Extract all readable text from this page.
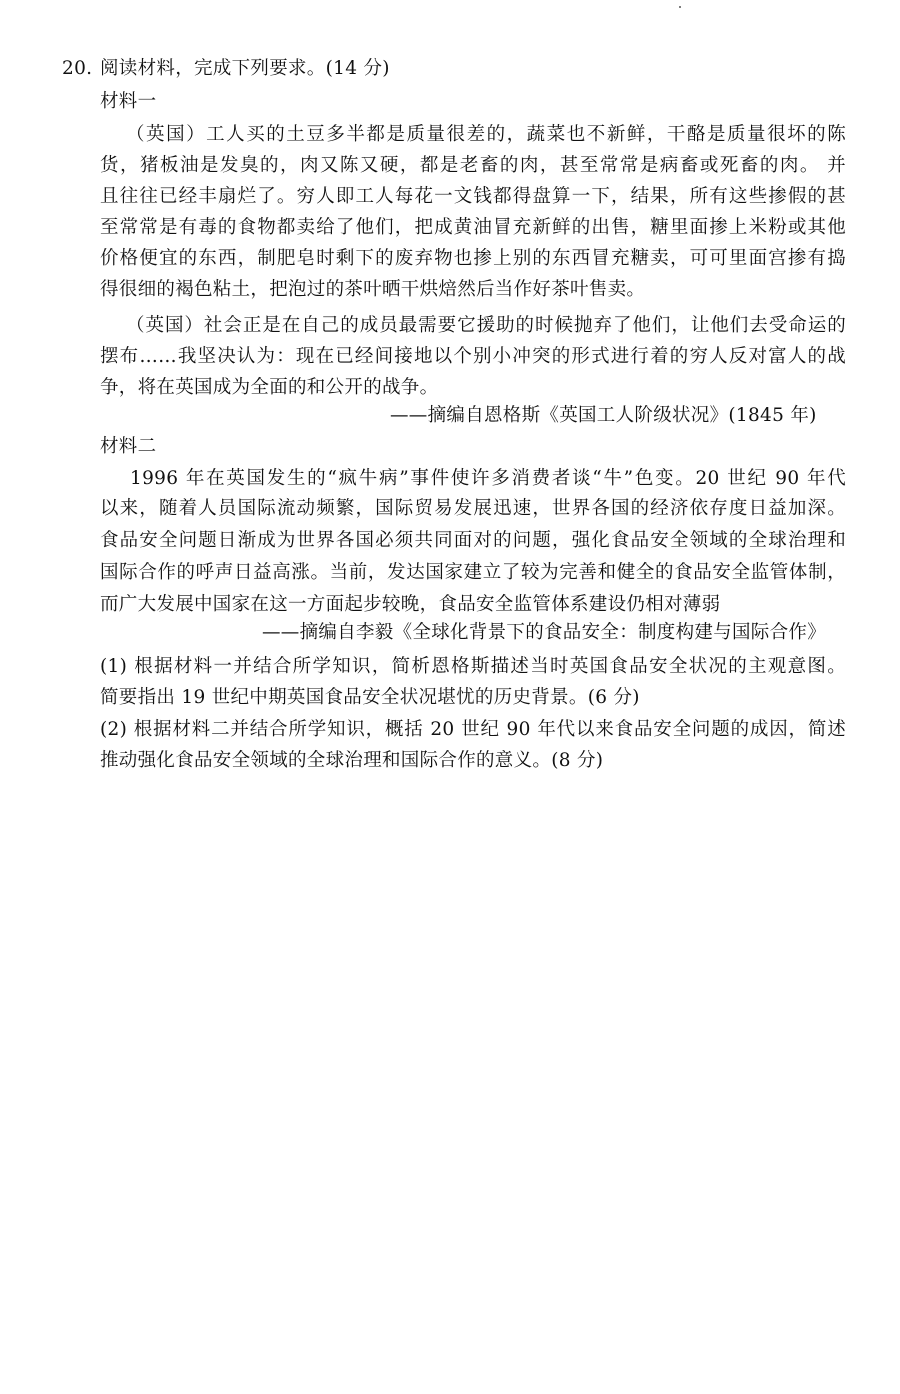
20. 阅读材料，完成下列要求。(14 分)
材料一
（英国）工人买的土豆多半都是质量很差的，蔬菜也不新鲜，干酪是质量很坏的陈
货，猪板油是发臭的，肉又陈又硬，都是老畜的肉，甚至常常是病畜或死畜的肉。 并
且往往已经丰扇烂了。穷人即工人每花一文钱都得盘算一下，结果，所有这些掺假的甚
至常常是有毒的食物都卖给了他们，把成黄油冒充新鲜的出售，糖里面掺上米粉或其他
价格便宜的东西，制肥皂时剩下的废弃物也掺上别的东西冒充糖卖，可可里面宫掺有捣
得很细的褐色粘土，把泡过的茶叶晒干烘焙然后当作好茶叶售卖。
（英国）社会正是在自己的成员最需要它援助的时候抛弃了他们，让他们去受命运的
摆布……我坚决认为：现在已经间接地以个别小冲突的形式进行着的穷人反对富人的战
争，将在英国成为全面的和公开的战争。
——摘编自恩格斯《英国工人阶级状况》(1845 年)
材料二
1996 年在英国发生的“疯牛病”事件使许多消费者谈“牛”色变。20 世纪 90 年代
以来，随着人员国际流动频繁，国际贸易发展迅速，世界各国的经济依存度日益加深。
食品安全问题日渐成为世界各国必须共同面对的问题，强化食品安全领域的全球治理和
国际合作的呼声日益高涨。当前，发达国家建立了较为完善和健全的食品安全监管体制，
而广大发展中国家在这一方面起步较晚，食品安全监管体系建设仍相对薄弱
——摘编自李毅《全球化背景下的食品安全：制度构建与国际合作》
(1) 根据材料一并结合所学知识，简析恩格斯描述当时英国食品安全状况的主观意图。
简要指出 19 世纪中期英国食品安全状况堪忧的历史背景。(6 分)
(2) 根据材料二并结合所学知识，概括 20 世纪 90 年代以来食品安全问题的成因，简述
推动强化食品安全领域的全球治理和国际合作的意义。(8 分)
